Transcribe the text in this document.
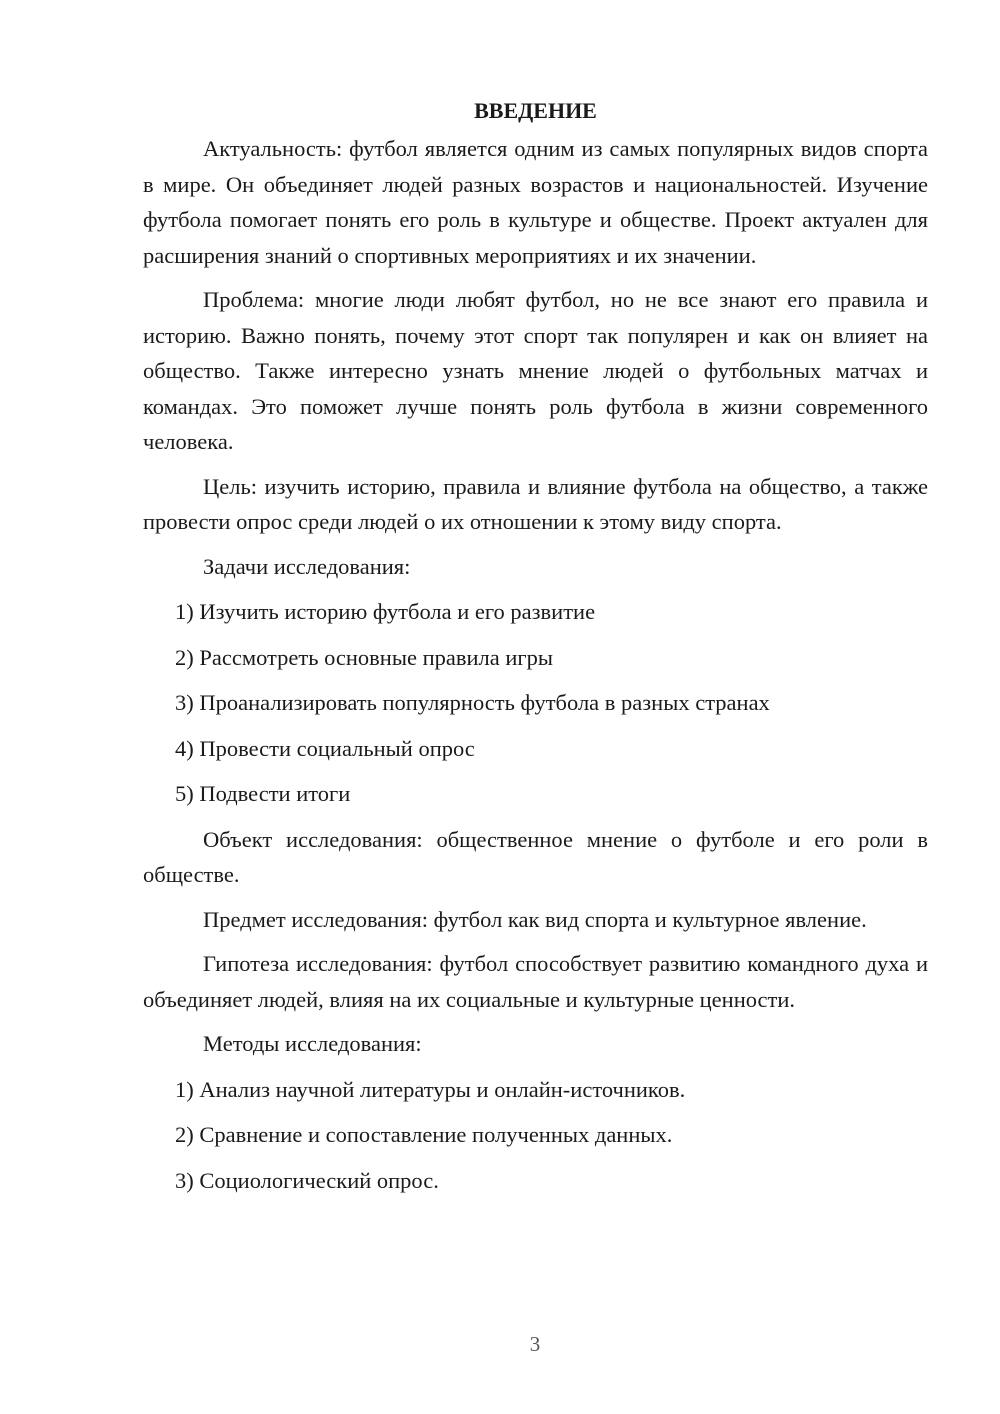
ВВЕДЕНИЕ

Актуальность: футбол является одним из самых популярных видов спорта в мире. Он объединяет людей разных возрастов и национальностей. Изучение футбола помогает понять его роль в культуре и обществе. Проект актуален для расширения знаний о спортивных мероприятиях и их значении.

Проблема: многие люди любят футбол, но не все знают его правила и историю. Важно понять, почему этот спорт так популярен и как он влияет на общество. Также интересно узнать мнение людей о футбольных матчах и командах. Это поможет лучше понять роль футбола в жизни современного человека.

Цель: изучить историю, правила и влияние футбола на общество, а также провести опрос среди людей о их отношении к этому виду спорта.

Задачи исследования:

1) Изучить историю футбола и его развитие
2) Рассмотреть основные правила игры
3) Проанализировать популярность футбола в разных странах
4) Провести социальный опрос
5) Подвести итоги

Объект исследования: общественное мнение о футболе и его роли в обществе.

Предмет исследования: футбол как вид спорта и культурное явление.

Гипотеза исследования: футбол способствует развитию командного духа и объединяет людей, влияя на их социальные и культурные ценности.

Методы исследования:

1) Анализ научной литературы и онлайн-источников.
2) Сравнение и сопоставление полученных данных.
3) Социологический опрос.
3
